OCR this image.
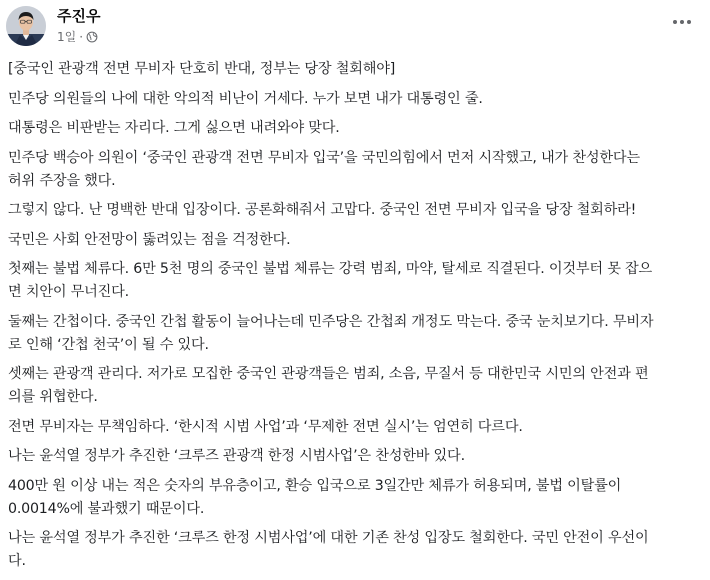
주진우
1일 ·

[중국인 관광객 전면 무비자 단호히 반대, 정부는 당장 철회해야]

민주당 의원들의 나에 대한 악의적 비난이 거세다. 누가 보면 내가 대통령인 줄.

대통령은 비판받는 자리다. 그게 싫으면 내려와야 맞다.

민주당 백승아 의원이 ‘중국인 관광객 전면 무비자 입국’을 국민의힘에서 먼저 시작했고, 내가 찬성한다는
허위 주장을 했다.

그렇지 않다. 난 명백한 반대 입장이다. 공론화해줘서 고맙다. 중국인 전면 무비자 입국을 당장 철회하라!

국민은 사회 안전망이 뚫려있는 점을 걱정한다.

첫째는 불법 체류다. 6만 5천 명의 중국인 불법 체류는 강력 범죄, 마약, 탈세로 직결된다. 이것부터 못 잡으
면 치안이 무너진다.

둘째는 간첩이다. 중국인 간첩 활동이 늘어나는데 민주당은 간첩죄 개정도 막는다. 중국 눈치보기다. 무비자
로 인해 ‘간첩 천국’이 될 수 있다.

셋째는 관광객 관리다. 저가로 모집한 중국인 관광객들은 범죄, 소음, 무질서 등 대한민국 시민의 안전과 편
의를 위협한다.

전면 무비자는 무책임하다. ‘한시적 시범 사업’과 ‘무제한 전면 실시’는 엄연히 다르다.

나는 윤석열 정부가 추진한 ‘크루즈 관광객 한정 시범사업’은 찬성한바 있다.

400만 원 이상 내는 적은 숫자의 부유층이고, 환승 입국으로 3일간만 체류가 허용되며, 불법 이탈률이
0.0014%에 불과했기 때문이다.

나는 윤석열 정부가 추진한 ‘크루즈 한정 시범사업’에 대한 기존 찬성 입장도 철회한다. 국민 안전이 우선이
다.
